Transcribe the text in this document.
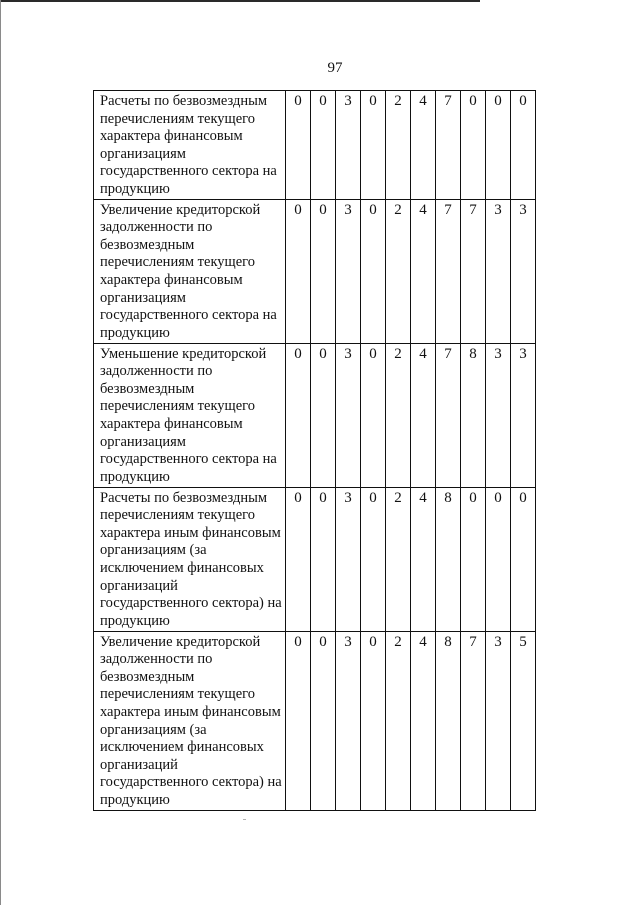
97
Расчеты по безвозмездным перечислениям текущего характера финансовым организациям государственного сектора на продукцию	0	0	3	0	2	4	7	0	0	0
Увеличение кредиторской задолженности по безвозмездным перечислениям текущего характера финансовым организациям государственного сектора на продукцию	0	0	3	0	2	4	7	7	3	3
Уменьшение кредиторской задолженности по безвозмездным перечислениям текущего характера финансовым организациям государственного сектора на продукцию	0	0	3	0	2	4	7	8	3	3
Расчеты по безвозмездным перечислениям текущего характера иным финансовым организациям (за исключением финансовых организаций государственного сектора) на продукцию	0	0	3	0	2	4	8	0	0	0
Увеличение кредиторской задолженности по безвозмездным перечислениям текущего характера иным финансовым организациям (за исключением финансовых организаций государственного сектора) на продукцию	0	0	3	0	2	4	8	7	3	5
